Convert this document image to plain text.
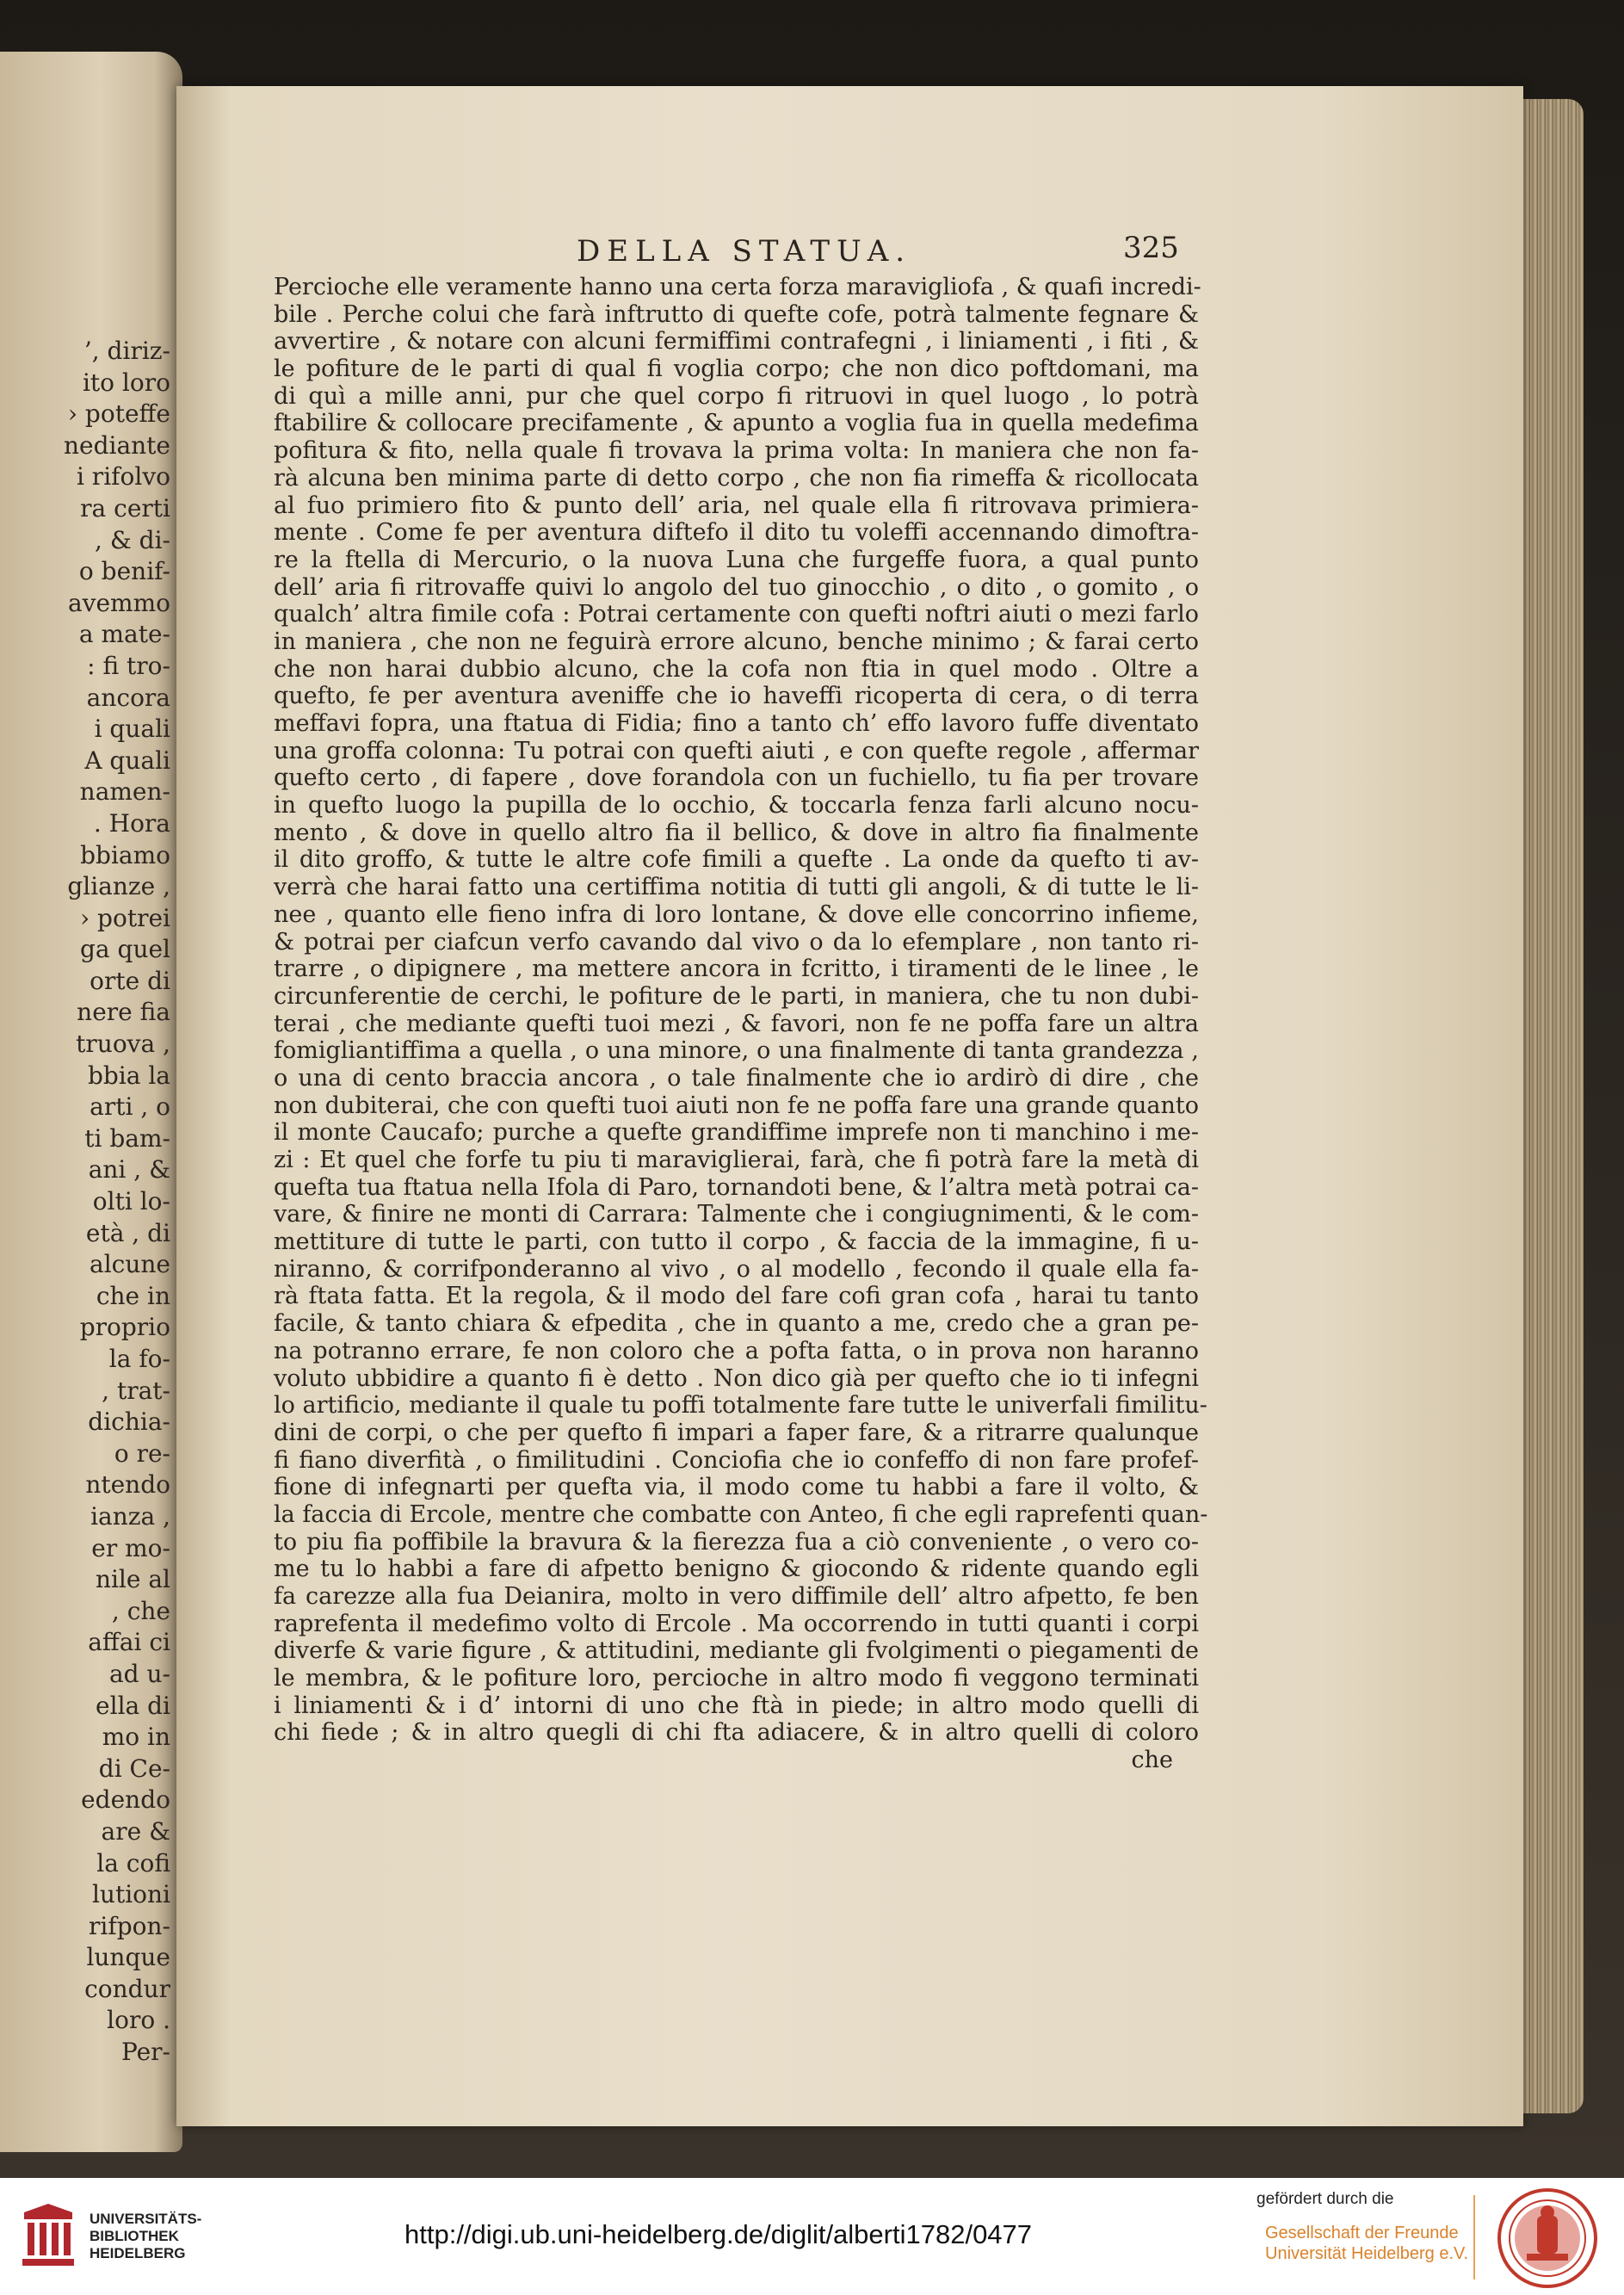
’, diriz-
ito loro
› poteffe
nediante
i rifolvo
ra certi
, & di-
o benif-
avemmo
a mate-
: fi tro-
ancora
i quali
A quali
namen-
. Hora
bbiamo
glianze ,
› potrei
ga quel
orte di
nere fia
truova ,
bbia la
arti , o
ti bam-
ani , &
olti lo-
età , di
alcune
che in
proprio
la fo-
, trat-
dichia-
o re-
ntendo
ianza ,
er mo-
nile al
, che
affai ci
ad u-
ella di
mo in
di Ce-
edendo
are &
la cofi
lutioni
rifpon-
lunque
condur
loro .
Per-
DELLA STATUA.	325
Percioche elle veramente hanno una certa forza maravigliofa , & quafi incredi-
bile . Perche colui che farà inftrutto di quefte cofe, potrà talmente fegnare &
avvertire , & notare con alcuni fermiffimi contrafegni , i liniamenti , i fiti , &
le pofiture de le parti di qual fi voglia corpo; che non dico poftdomani, ma
di quì a mille anni, pur che quel corpo fi ritruovi in quel luogo , lo potrà
ftabilire & collocare precifamente , & apunto a voglia fua in quella medefima
pofitura & fito, nella quale fi trovava la prima volta: In maniera che non fa-
rà alcuna ben minima parte di detto corpo , che non fia rimeffa & ricollocata
al fuo primiero fito & punto dell’ aria, nel quale ella fi ritrovava primiera-
mente . Come fe per aventura diftefo il dito tu voleffi accennando dimoftra-
re la ftella di Mercurio, o la nuova Luna che furgeffe fuora, a qual punto
dell’ aria fi ritrovaffe quivi lo angolo del tuo ginocchio , o dito , o gomito , o
qualch’ altra fimile cofa : Potrai certamente con quefti noftri aiuti o mezi farlo
in maniera , che non ne feguirà errore alcuno, benche minimo ; & farai certo
che non harai dubbio alcuno, che la cofa non ftia in quel modo . Oltre a
quefto, fe per aventura aveniffe che io haveffi ricoperta di cera, o di terra
meffavi fopra, una ftatua di Fidia; fino a tanto ch’ effo lavoro fuffe diventato
una groffa colonna: Tu potrai con quefti aiuti , e con quefte regole , affermar
quefto certo , di fapere , dove forandola con un fuchiello, tu fia per trovare
in quefto luogo la pupilla de lo occhio, & toccarla fenza farli alcuno nocu-
mento , & dove in quello altro fia il bellico, & dove in altro fia finalmente
il dito groffo, & tutte le altre cofe fimili a quefte . La onde da quefto ti av-
verrà che harai fatto una certiffima notitia di tutti gli angoli, & di tutte le li-
nee , quanto elle fieno infra di loro lontane, & dove elle concorrino infieme,
& potrai per ciafcun verfo cavando dal vivo o da lo efemplare , non tanto ri-
trarre , o dipignere , ma mettere ancora in fcritto, i tiramenti de le linee , le
circunferentie de cerchi, le pofiture de le parti, in maniera, che tu non dubi-
terai , che mediante quefti tuoi mezi , & favori, non fe ne poffa fare un altra
fomigliantiffima a quella , o una minore, o una finalmente di tanta grandezza ,
o una di cento braccia ancora , o tale finalmente che io ardirò di dire , che
non dubiterai, che con quefti tuoi aiuti non fe ne poffa fare una grande quanto
il monte Caucafo; purche a quefte grandiffime imprefe non ti manchino i me-
zi : Et quel che forfe tu piu ti maraviglierai, farà, che fi potrà fare la metà di
quefta tua ftatua nella Ifola di Paro, tornandoti bene, & l’altra metà potrai ca-
vare, & finire ne monti di Carrara: Talmente che i congiugnimenti, & le com-
mettiture di tutte le parti, con tutto il corpo , & faccia de la immagine, fi u-
niranno, & corrifponderanno al vivo , o al modello , fecondo il quale ella fa-
rà ftata fatta. Et la regola, & il modo del fare cofi gran cofa , harai tu tanto
facile, & tanto chiara & efpedita , che in quanto a me, credo che a gran pe-
na potranno errare, fe non coloro che a pofta fatta, o in prova non haranno
voluto ubbidire a quanto fi è detto . Non dico già per quefto che io ti infegni
lo artificio, mediante il quale tu poffi totalmente fare tutte le univerfali fimilitu-
dini de corpi, o che per quefto fi impari a faper fare, & a ritrarre qualunque
fi fiano diverfità , o fimilitudini . Conciofia che io confeffo di non fare profef-
fione di infegnarti per quefta via, il modo come tu habbi a fare il volto, &
la faccia di Ercole, mentre che combatte con Anteo, fi che egli raprefenti quan-
to piu fia poffibile la bravura & la fierezza fua a ciò conveniente , o vero co-
me tu lo habbi a fare di afpetto benigno & giocondo & ridente quando egli
fa carezze alla fua Deianira, molto in vero diffimile dell’ altro afpetto, fe ben
raprefenta il medefimo volto di Ercole . Ma occorrendo in tutti quanti i corpi
diverfe & varie figure , & attitudini, mediante gli fvolgimenti o piegamenti de
le membra, & le pofiture loro, percioche in altro modo fi veggono terminati
i liniamenti & i d’ intorni di uno che ftà in piede; in altro modo quelli di
chi fiede ; & in altro quegli di chi fta adiacere, & in altro quelli di coloro
che
UNIVERSITÄTS-
BIBLIOTHEK
HEIDELBERG
http://digi.ub.uni-heidelberg.de/diglit/alberti1782/0477
gefördert durch die
Gesellschaft der Freunde
Universität Heidelberg e.V.
